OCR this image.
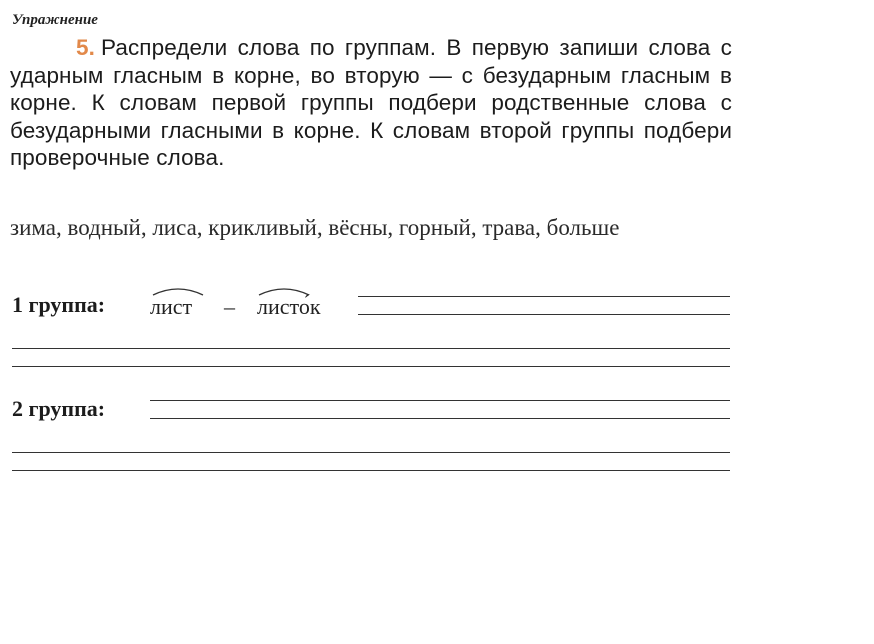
Упражнение
5. Распредели слова по группам. В первую запиши слова с ударным гласным в корне, во вторую — с безударным гласным в корне. К словам первой группы подбери родственные слова с безударными гласными в корне. К словам второй группы подбери проверочные слова.
зима, водный, лиса, крикливый, вёсны, горный, трава, больше
1 группа: лист – листо́к
2 группа:
